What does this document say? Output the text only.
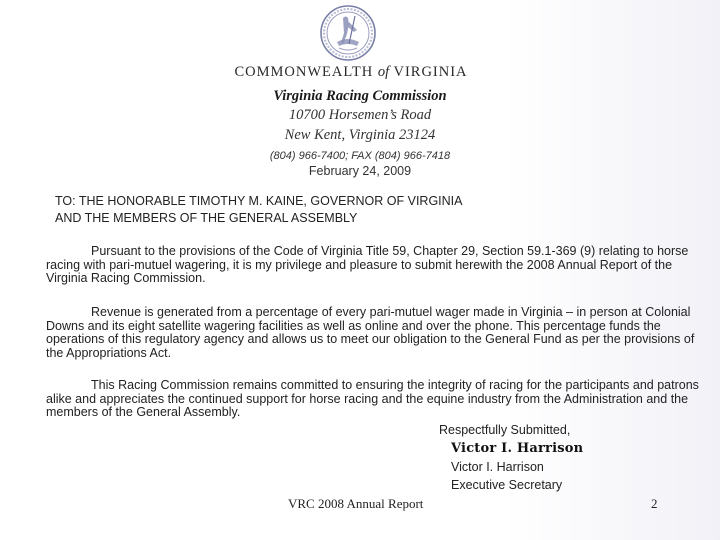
COMMONWEALTH of VIRGINIA
Virginia Racing Commission
10700 Horsemen’s Road
New Kent, Virginia 23124
(804) 966-7400; FAX (804) 966-7418
February 24, 2009
TO: THE HONORABLE TIMOTHY M. KAINE, GOVERNOR OF VIRGINIA
AND THE MEMBERS OF THE GENERAL ASSEMBLY

Pursuant to the provisions of the Code of Virginia Title 59, Chapter 29, Section 59.1-369 (9) relating to horse racing with pari-mutuel wagering, it is my privilege and pleasure to submit herewith the 2008 Annual Report of the Virginia Racing Commission.

Revenue is generated from a percentage of every pari-mutuel wager made in Virginia – in person at Colonial Downs and its eight satellite wagering facilities as well as online and over the phone. This percentage funds the operations of this regulatory agency and allows us to meet our obligation to the General Fund as per the provisions of the Appropriations Act.

This Racing Commission remains committed to ensuring the integrity of racing for the participants and patrons alike and appreciates the continued support for horse racing and the equine industry from the Administration and the members of the General Assembly.

Respectfully Submitted,
Victor I. Harrison
Victor I. Harrison
Executive Secretary
VRC 2008 Annual Report	2
